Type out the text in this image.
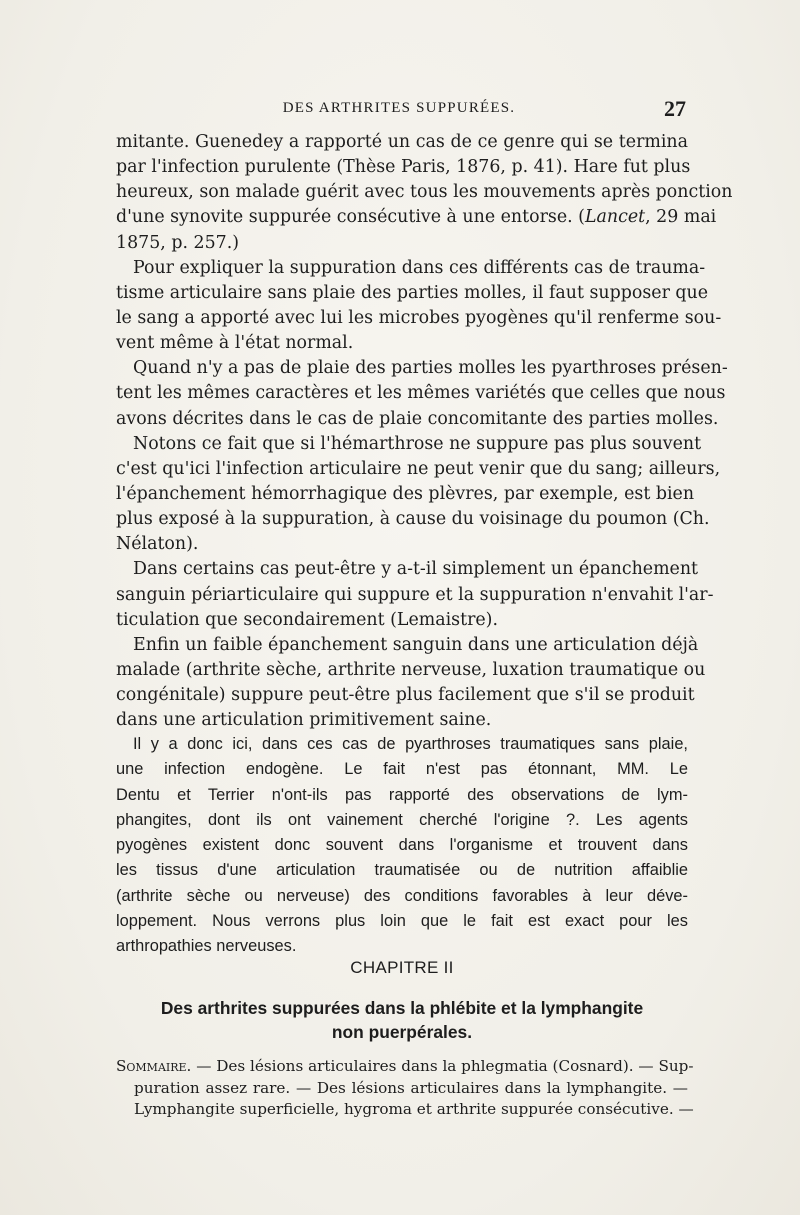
DES ARTHRITES SUPPURÉES.	27
mitante. Guenedey a rapporté un cas de ce genre qui se termina
par l'infection purulente (Thèse Paris, 1876, p. 41). Hare fut plus
heureux, son malade guérit avec tous les mouvements après ponction
d'une synovite suppurée consécutive à une entorse. (Lancet, 29 mai
1875, p. 257.)
Pour expliquer la suppuration dans ces différents cas de trauma-
tisme articulaire sans plaie des parties molles, il faut supposer que
le sang a apporté avec lui les microbes pyogènes qu'il renferme sou-
vent même à l'état normal.
Quand n'y a pas de plaie des parties molles les pyarthroses présen-
tent les mêmes caractères et les mêmes variétés que celles que nous
avons décrites dans le cas de plaie concomitante des parties molles.
Notons ce fait que si l'hémarthrose ne suppure pas plus souvent
c'est qu'ici l'infection articulaire ne peut venir que du sang; ailleurs,
l'épanchement hémorrhagique des plèvres, par exemple, est bien
plus exposé à la suppuration, à cause du voisinage du poumon (Ch.
Nélaton).
Dans certains cas peut-être y a-t-il simplement un épanchement
sanguin périarticulaire qui suppure et la suppuration n'envahit l'ar-
ticulation que secondairement (Lemaistre).
Enfin un faible épanchement sanguin dans une articulation déjà
malade (arthrite sèche, arthrite nerveuse, luxation traumatique ou
congénitale) suppure peut-être plus facilement que s'il se produit
dans une articulation primitivement saine.
Il y a donc ici, dans ces cas de pyarthroses traumatiques sans plaie,
une infection endogène. Le fait n'est pas étonnant, MM. Le
Dentu et Terrier n'ont-ils pas rapporté des observations de lym-
phangites, dont ils ont vainement cherché l'origine ?. Les agents
pyogènes existent donc souvent dans l'organisme et trouvent dans
les tissus d'une articulation traumatisée ou de nutrition affaiblie
(arthrite sèche ou nerveuse) des conditions favorables à leur déve-
loppement. Nous verrons plus loin que le fait est exact pour les
arthropathies nerveuses.
CHAPITRE II
Des arthrites suppurées dans la phlébite et la lymphangite
non puerpérales.
Sommaire. — Des lésions articulaires dans la phlegmatia (Cosnard). — Sup-
puration assez rare. — Des lésions articulaires dans la lymphangite. —
Lymphangite superficielle, hygroma et arthrite suppurée consécutive. —
